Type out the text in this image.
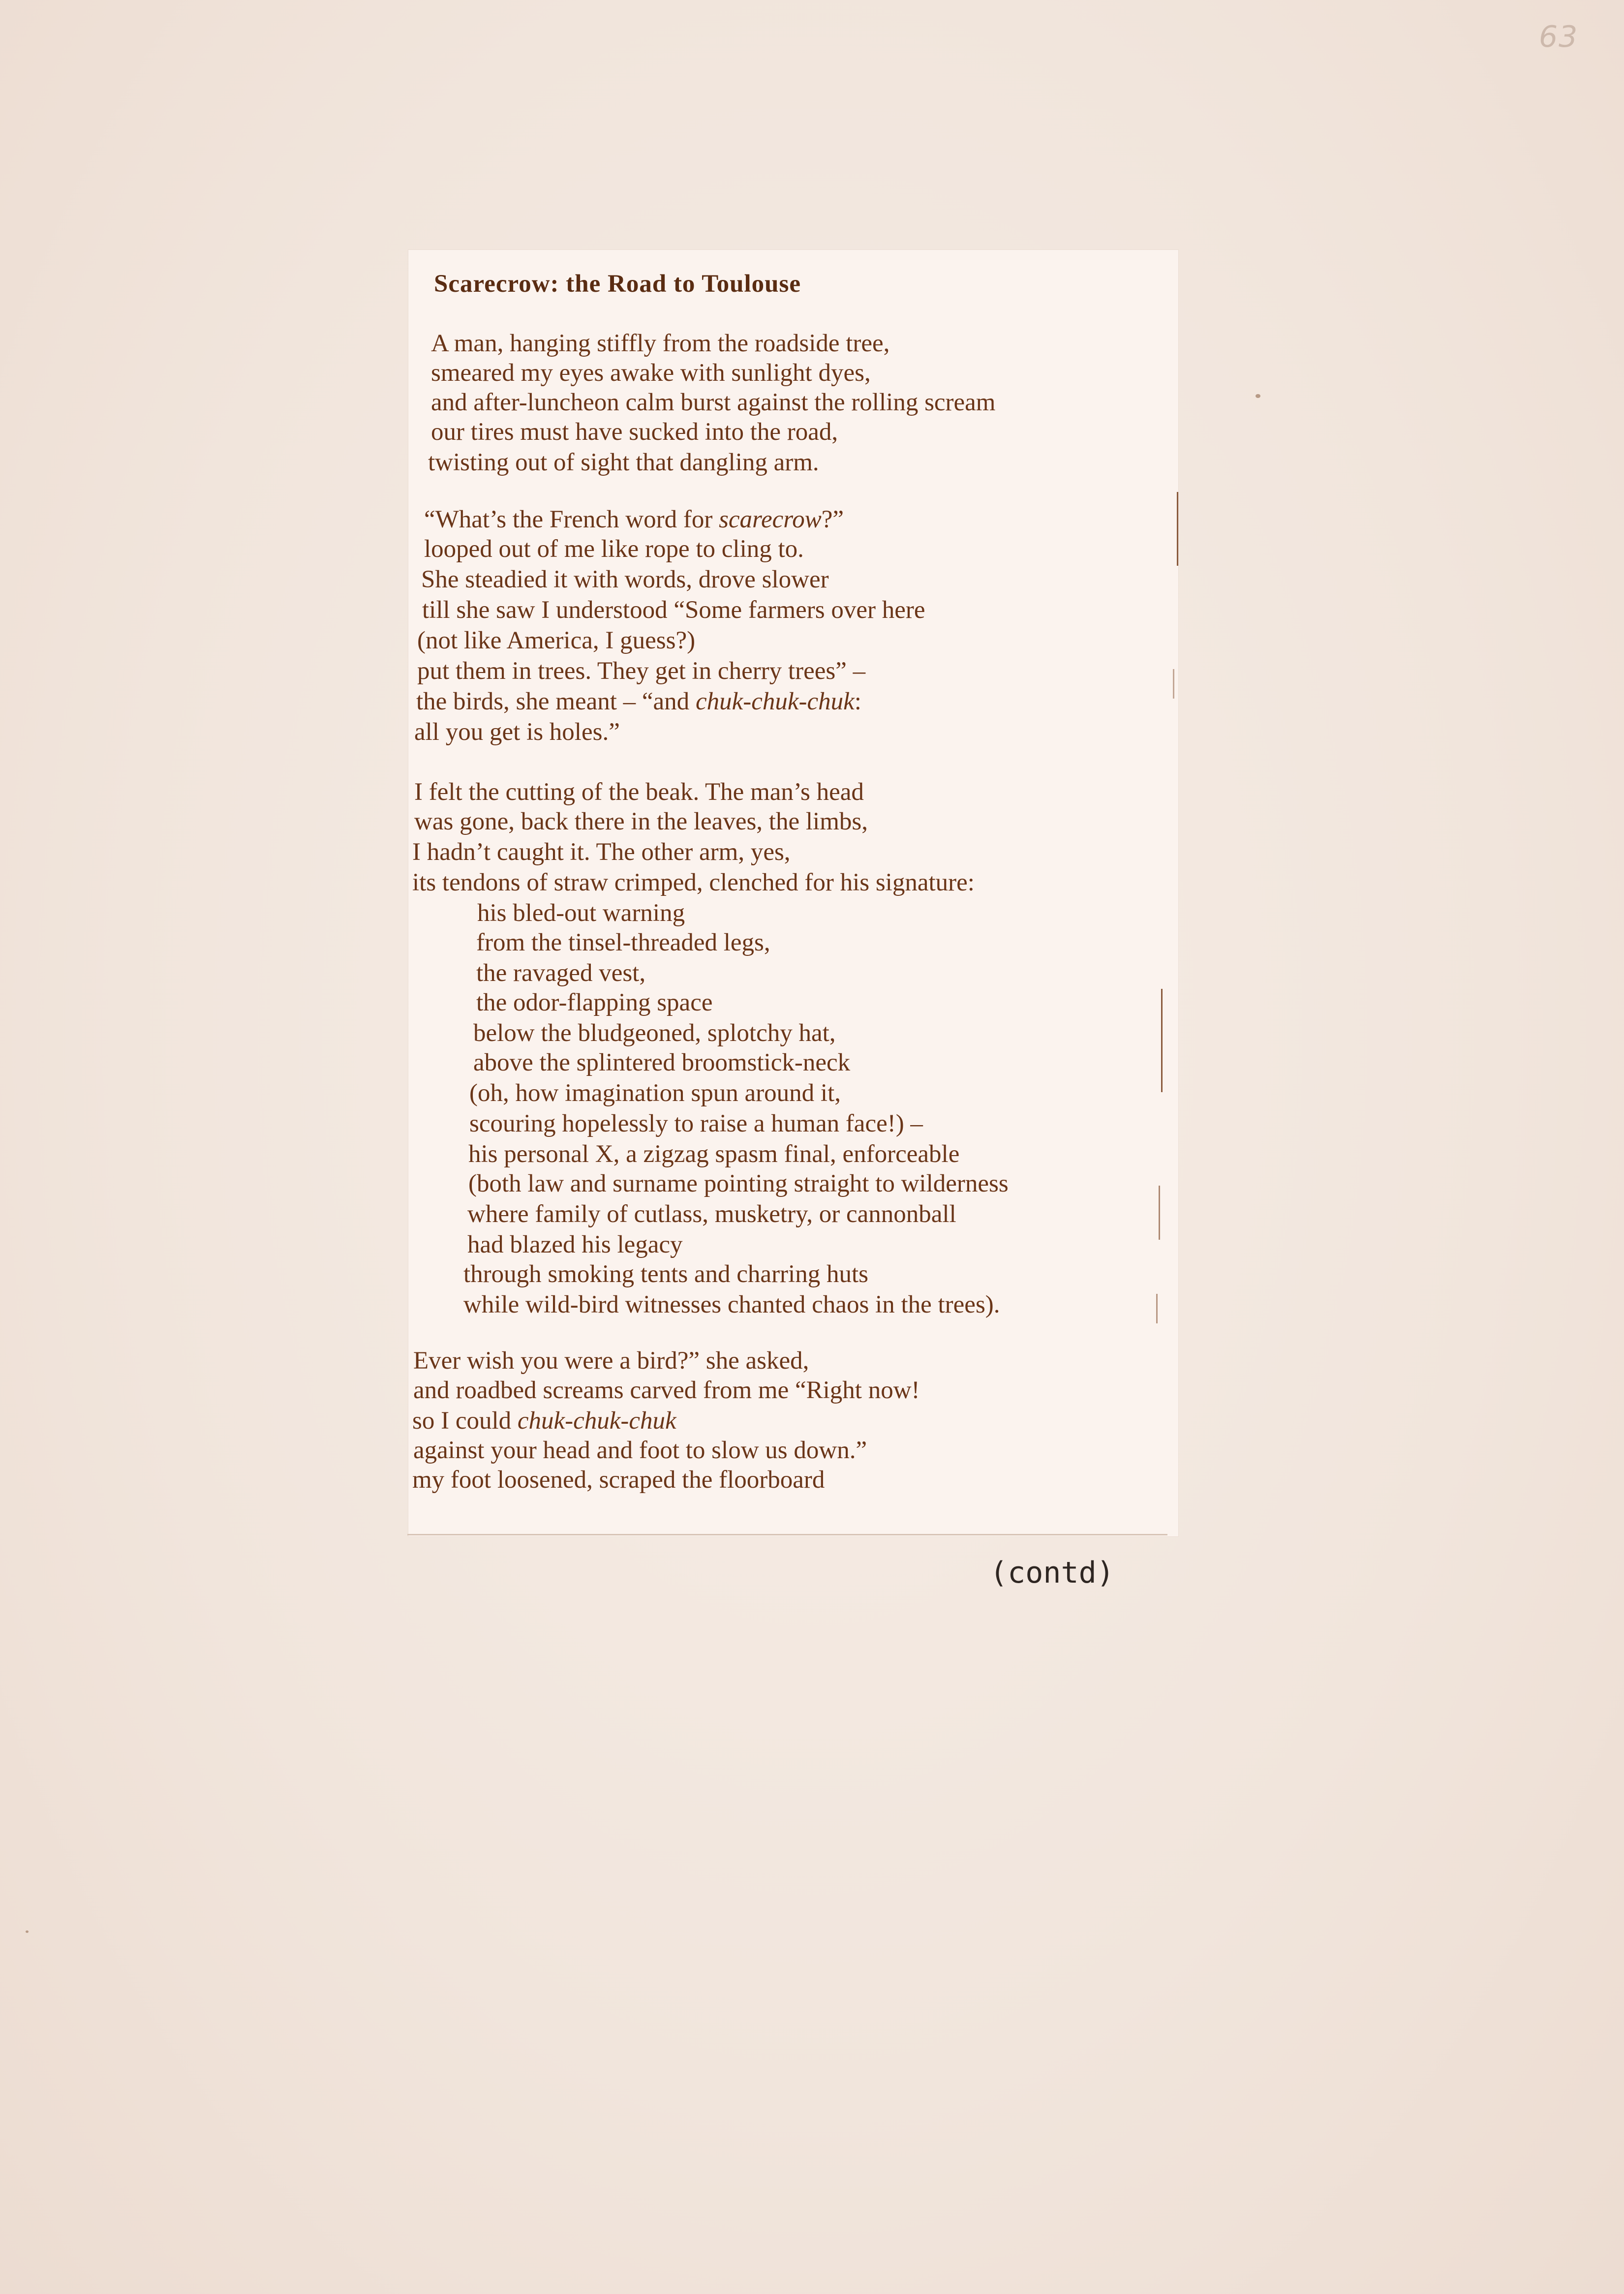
63
Scarecrow: the Road to Toulouse
A man, hanging stiffly from the roadside tree,
smeared my eyes awake with sunlight dyes,
and after-luncheon calm burst against the rolling scream
our tires must have sucked into the road,
twisting out of sight that dangling arm.
“What’s the French word for scarecrow?”
looped out of me like rope to cling to.
She steadied it with words, drove slower
till she saw I understood “Some farmers over here
(not like America, I guess?)
put them in trees. They get in cherry trees” –
the birds, she meant – “and chuk-chuk-chuk:
all you get is holes.”
I felt the cutting of the beak. The man’s head
was gone, back there in the leaves, the limbs,
I hadn’t caught it. The other arm, yes,
its tendons of straw crimped, clenched for his signature:
his bled-out warning
from the tinsel-threaded legs,
the ravaged vest,
the odor-flapping space
below the bludgeoned, splotchy hat,
above the splintered broomstick-neck
(oh, how imagination spun around it,
scouring hopelessly to raise a human face!) –
his personal X, a zigzag spasm final, enforceable
(both law and surname pointing straight to wilderness
where family of cutlass, musketry, or cannonball
had blazed his legacy
through smoking tents and charring huts
while wild-bird witnesses chanted chaos in the trees).
Ever wish you were a bird?” she asked,
and roadbed screams carved from me “Right now!
so I could chuk-chuk-chuk
against your head and foot to slow us down.”
my foot loosened, scraped the floorboard
(contd)
